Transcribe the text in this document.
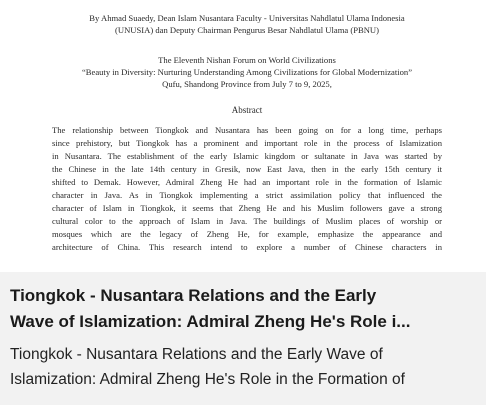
By Ahmad Suaedy, Dean Islam Nusantara Faculty - Universitas Nahdlatul Ulama Indonesia
(UNUSIA) dan Deputy Chairman Pengurus Besar Nahdlatul Ulama (PBNU)
The Eleventh Nishan Forum on World Civilizations
“Beauty in Diversity: Nurturing Understanding Among Civilizations for Global Modernization”
Qufu, Shandong Province from July 7 to 9, 2025,
Abstract
The relationship between Tiongkok and Nusantara has been going on for a long time, perhaps
since prehistory, but Tiongkok has a prominent and important role in the process of Islamization
in Nusantara. The establishment of the early Islamic kingdom or sultanate in Java was started by
the Chinese in the late 14th century in Gresik, now East Java, then in the early 15th century it
shifted to Demak. However, Admiral Zheng He had an important role in the formation of Islamic
character in Java. As in Tiongkok implementing a strict assimilation policy that influenced the
character of Islam in Tiongkok, it seems that Zheng He and his Muslim followers gave a strong
cultural color to the approach of Islam in Java. The buildings of Muslim places of worship or
mosques which are the legacy of Zheng He, for example, emphasize the appearance and
architecture of China. This research intend to explore a number of Chinese characters in
Tiongkok - Nusantara Relations and the Early
Wave of Islamization: Admiral Zheng He's Role i...
Tiongkok - Nusantara Relations and the Early Wave of
Islamization: Admiral Zheng He's Role in the Formation of
